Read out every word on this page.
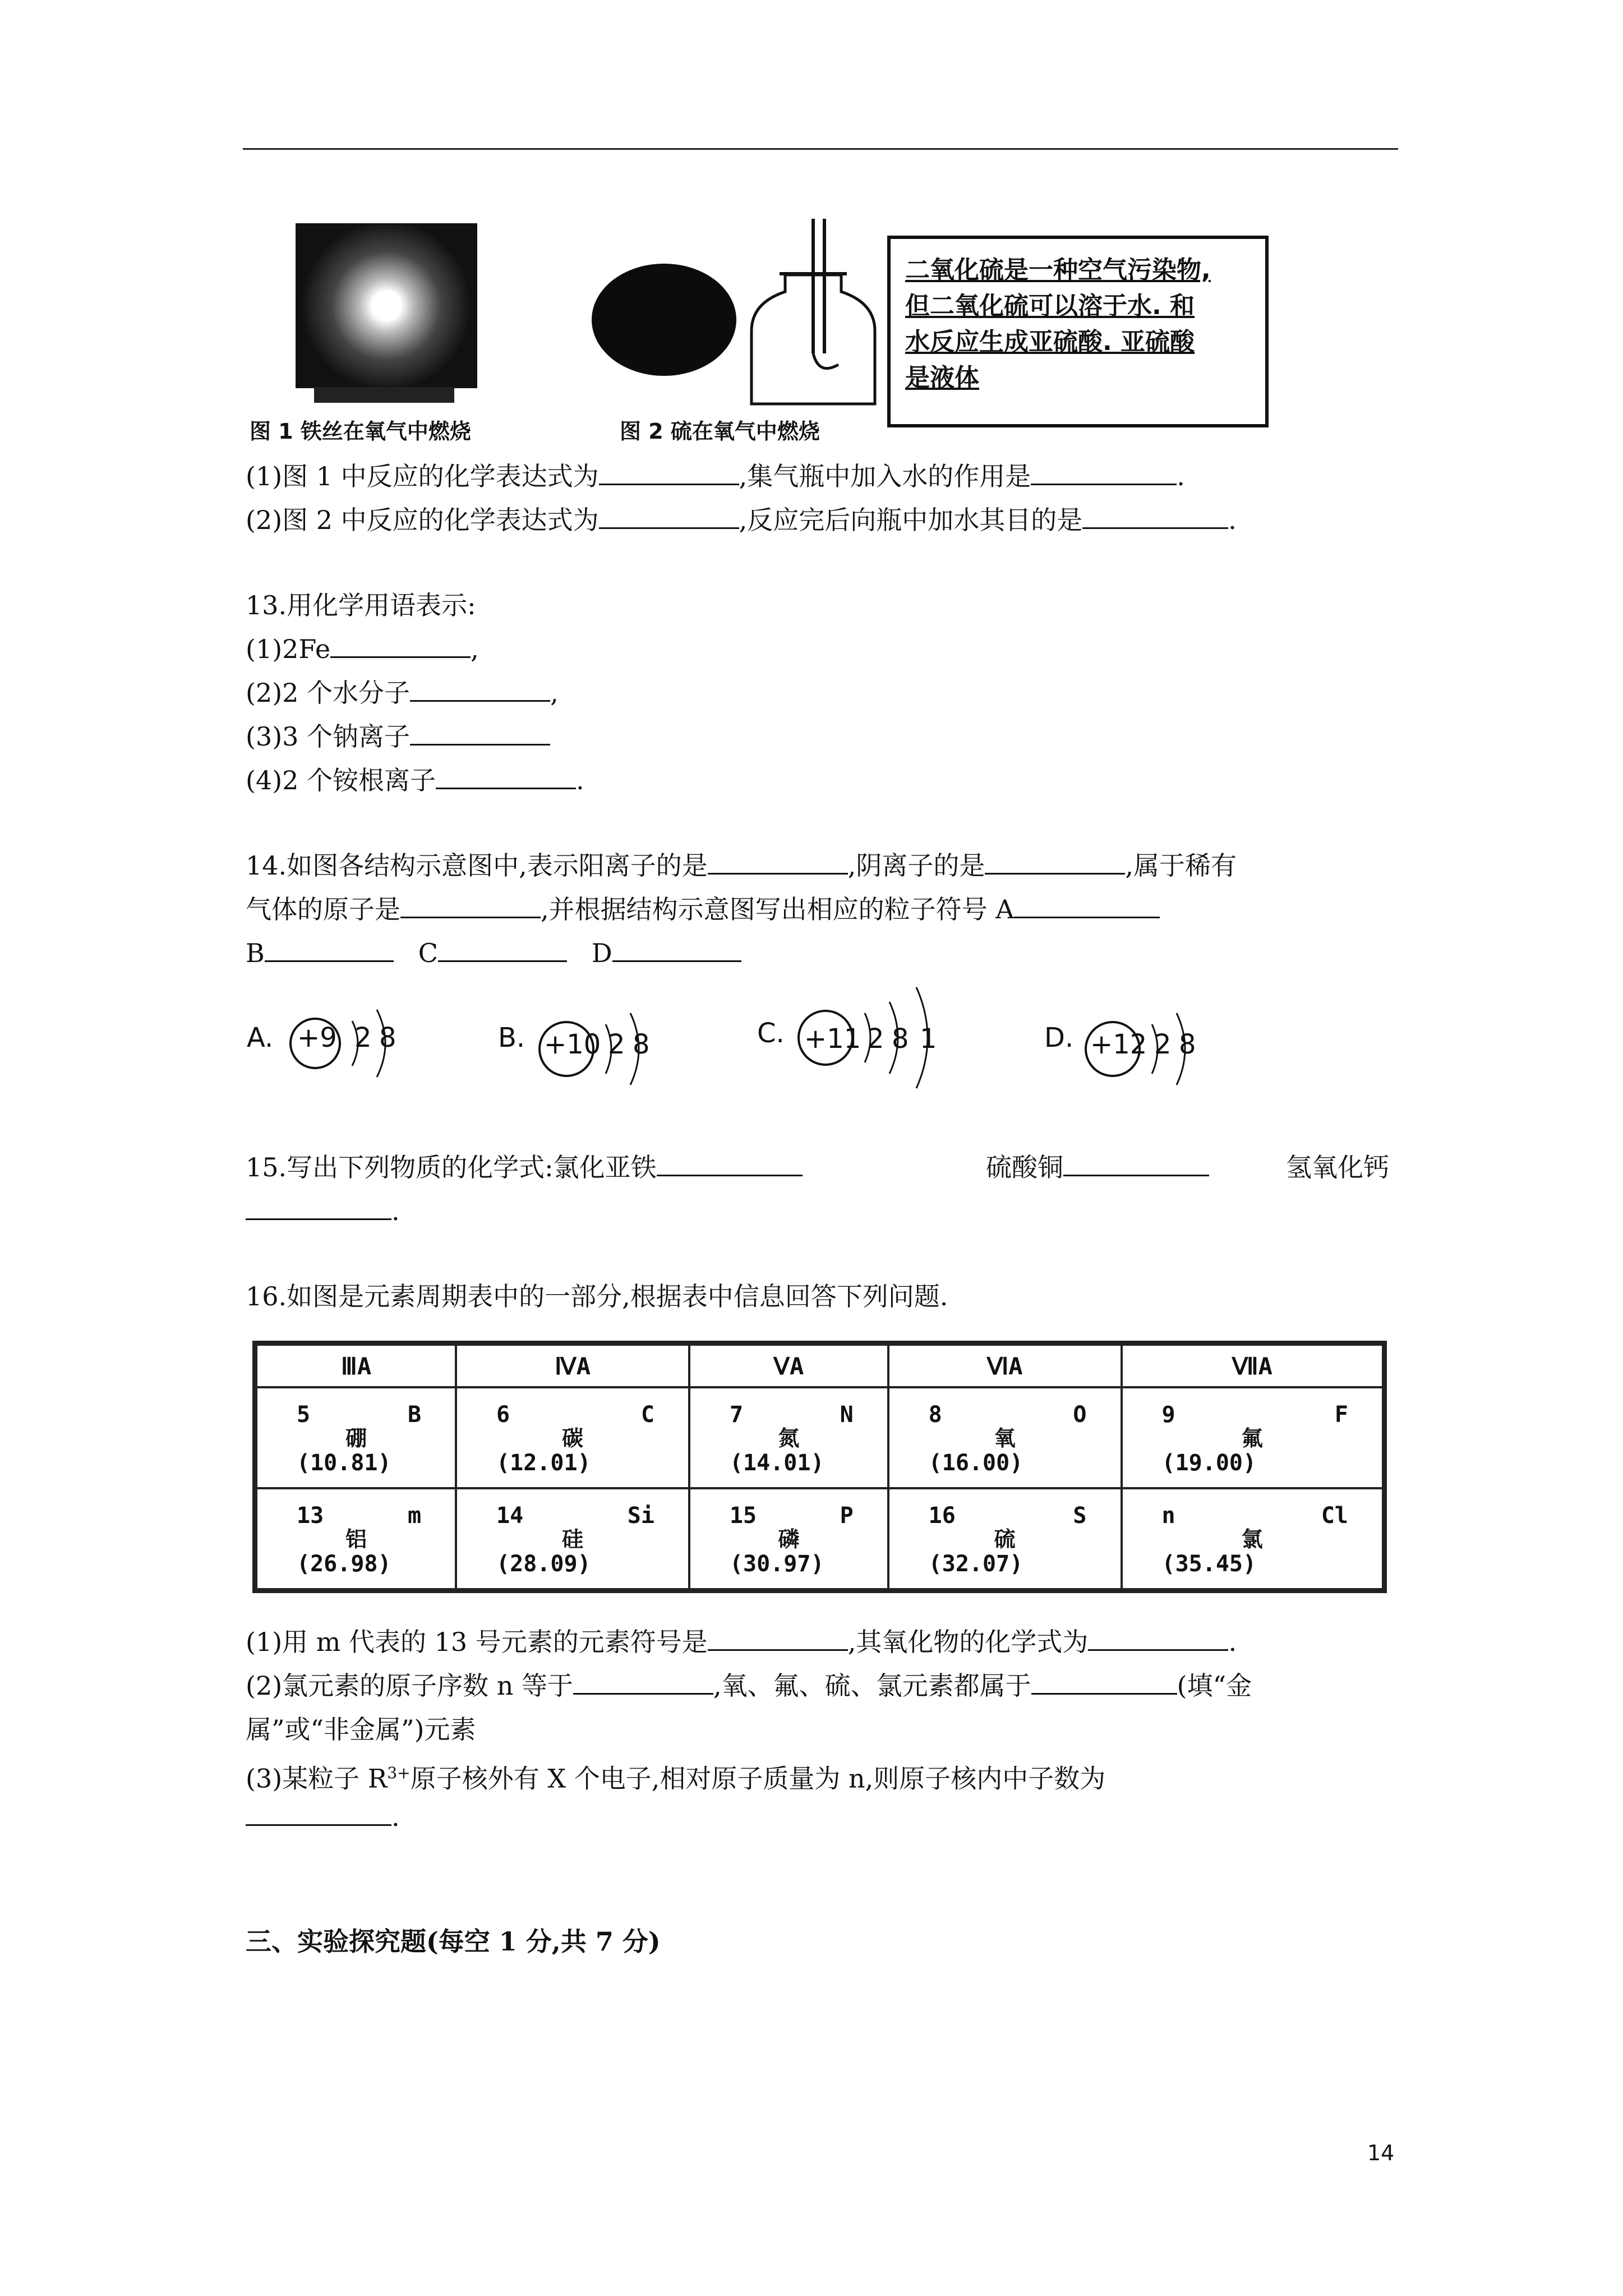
图 1 铁丝在氧气中燃烧	图 2 硫在氧气中燃烧
二氧化硫是一种空气污染物,
但二氧化硫可以溶于水. 和
水反应生成亚硫酸. 亚硫酸
是液体
(1)图 1 中反应的化学表达式为	,集气瓶中加入水的作用是	.
(2)图 2 中反应的化学表达式为	,反应完后向瓶中加水其目的是	.
13.用化学用语表示:
(1)2Fe	,
(2)2 个水分子	,
(3)3 个钠离子
(4)2 个铵根离子	.
14.如图各结构示意图中,表示阳离子的是	,阴离子的是	,属于稀有
气体的原子是	,并根据结构示意图写出相应的粒子符号 A
B	C	D
A. +9 2 8	B. +10 2 8	C. +11 2 8 1	D. +12 2 8
15.写出下列物质的化学式:氯化亚铁	硫酸铜	氢氧化钙
.
16.如图是元素周期表中的一部分,根据表中信息回答下列问题.
ⅢA	ⅣA	ⅤA	ⅥA	ⅦA

5 B
硼
(10.81)	6 C
碳
(12.01)	7 N
氮
(14.01)	8 O
氧
(16.00)	9 F
氟
(19.00)

13 m
铝
(26.98)	14 Si
硅
(28.09)	15 P
磷
(30.97)	16 S
硫
(32.07)	n Cl
氯
(35.45)
(1)用 m 代表的 13 号元素的元素符号是	,其氧化物的化学式为	.
(2)氯元素的原子序数 n 等于	,氧、氟、硫、氯元素都属于	(填“金
属”或“非金属”)元素
(3)某粒子 $R^{3+}$原子核外有 X 个电子,相对原子质量为 n,则原子核内中子数为
.
三、实验探究题(每空 1 分,共 7 分)
14
